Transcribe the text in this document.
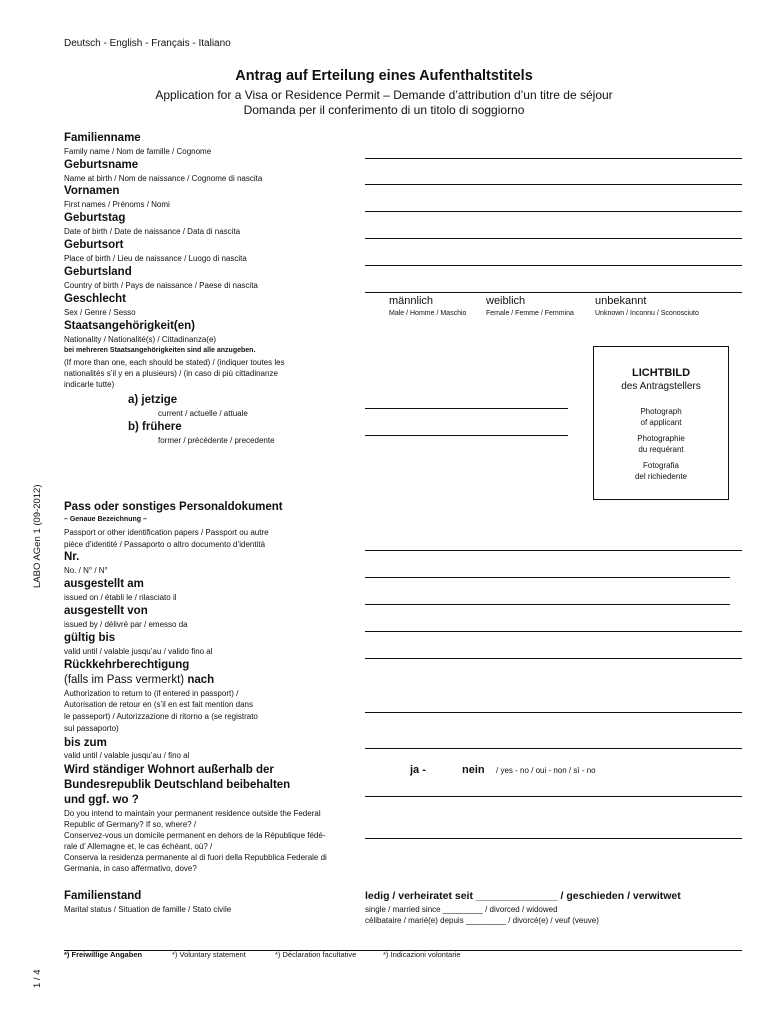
Deutsch - English - Français - Italiano
Antrag auf Erteilung eines Aufenthaltstitels
Application for a Visa or Residence Permit – Demande d’attribution d’un titre de séjour
Domanda per il conferimento di un titolo di soggiorno
LABO AGen 1 (09-2012)
1 / 4
Familienname
Family name / Nom de famille / Cognome
Geburtsname
Name at birth / Nom de naissance / Cognome di nascita
Vornamen
First names / Prénoms / Nomi
Geburtstag
Date of birth / Date de naissance / Data di nascita
Geburtsort
Place of birth / Lieu de naissance / Luogo di nascita
Geburtsland
Country of birth / Pays de naissance / Paese di nascita
Geschlecht
Sex / Genre / Sesso
männlich
Male / Homme / Maschio
weiblich
Female / Femme / Femmina
unbekannt
Unknown / Inconnu / Sconosciuto
Staatsangehörigkeit(en)
Nationality / Nationalité(s) / Cittadinanza(e)
bei mehreren Staatsangehörigkeiten sind alle anzugeben.
(If more than one, each should be stated) / (indiquer toutes les
nationalités s’il y en a plusieurs) / (in caso di più cittadinanze
indicarle tutte)
a) jetzige
current / actuelle / attuale
b) frühere
former / précédente / precedente
LICHTBILD
des Antragstellers
Photograph
of applicant
Photographie
du requérant
Fotografia
del richiedente
Pass oder sonstiges Personaldokument
– Genaue Bezeichnung –
Passport or other identification papers / Passport ou autre
pièce d’identité / Passaporto o altro documento d’identità
Nr.
No. / N° / N°
ausgestellt am
issued on / établi le / rilasciato il
ausgestellt von
issued by / délivré par / emesso da
gültig bis
valid until / valable jusqu’au / valido fino al
Rückkehrberechtigung
(falls im Pass vermerkt) nach
Authorization to return to (if entered in passport) /
Autorisation de retour en (s’il en est fait mention dans
le passeport) / Autorizzazione di ritorno a (se registrato
sul passaporto)
bis zum
valid until / valable jusqu’au / fino al
Wird ständiger Wohnort außerhalb der
Bundesrepublik Deutschland beibehalten
und ggf. wo ?
Do you intend to maintain your permanent residence outside the Federal
Republic of Germany? If so, where? /
Conservez-vous un domicile permanent en dehors de la République fédé-
rale d’ Allemagne et, le cas échéant, où? /
Conserva la residenza permanente al di fuori della Repubblica Federale di
Germania, in caso affermativo, dove?
ja -	nein / yes - no / oui - non / sì - no
Familienstand
Marital status / Situation de famille / Stato civile
ledig / verheiratet seit ______________ / geschieden / verwitwet
single / married since _________ / divorced / widowed
célibataire / marié(e) depuis _________ / divorcé(e) / veuf (veuve)
*) Freiwillige Angaben	*) Voluntary statement	*) Déclaration facultative	*) Indicazioni volontarie
